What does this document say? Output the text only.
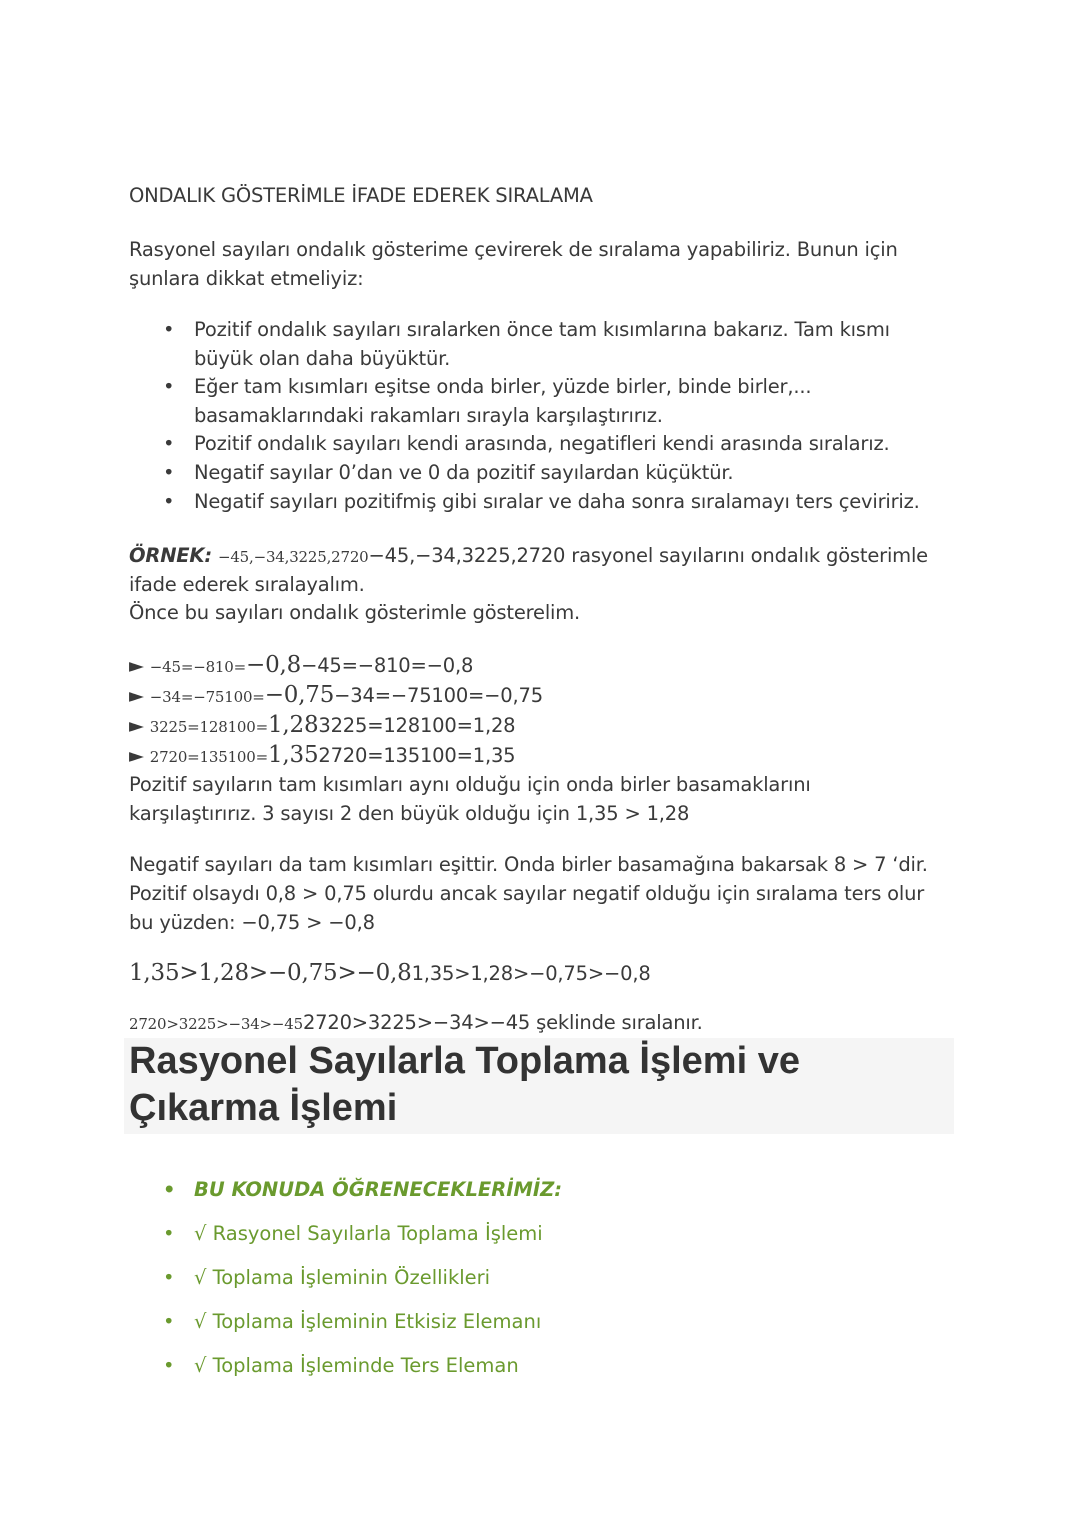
ONDALIK GÖSTERİMLE İFADE EDEREK SIRALAMA
Rasyonel sayıları ondalık gösterime çevirerek de sıralama yapabiliriz. Bunun için şunlara dikkat etmeliyiz:
• Pozitif ondalık sayıları sıralarken önce tam kısımlarına bakarız. Tam kısmı büyük olan daha büyüktür.
• Eğer tam kısımları eşitse onda birler, yüzde birler, binde birler,... basamaklarındaki rakamları sırayla karşılaştırırız.
• Pozitif ondalık sayıları kendi arasında, negatifleri kendi arasında sıralarız.
• Negatif sayılar 0’dan ve 0 da pozitif sayılardan küçüktür.
• Negatif sayıları pozitifmiş gibi sıralar ve daha sonra sıralamayı ters çeviririz.
ÖRNEK: −45,−34,3225,2720−45,−34,3225,2720 rasyonel sayılarını ondalık gösterimle
ifade ederek sıralayalım.
Önce bu sayıları ondalık gösterimle gösterelim.
► −45=−810=−0,8−45=−810=−0,8
► −34=−75100=−0,75−34=−75100=−0,75
► 3225=128100=1,283225=128100=1,28
► 2720=135100=1,352720=135100=1,35
Pozitif sayıların tam kısımları aynı olduğu için onda birler basamaklarını
karşılaştırırız. 3 sayısı 2 den büyük olduğu için 1,35 > 1,28
Negatif sayıları da tam kısımları eşittir. Onda birler basamağına bakarsak 8 > 7 ‘dir.
Pozitif olsaydı 0,8 > 0,75 olurdu ancak sayılar negatif olduğu için sıralama ters olur
bu yüzden: −0,75 > −0,8
1,35>1,28>−0,75>−0,81,35>1,28>−0,75>−0,8
2720>3225>−34>−452720>3225>−34>−45 şeklinde sıralanır.
Rasyonel Sayılarla Toplama İşlemi ve Çıkarma İşlemi
• BU KONUDA ÖĞRENECEKLERİMİZ:
• √ Rasyonel Sayılarla Toplama İşlemi
• √ Toplama İşleminin Özellikleri
• √ Toplama İşleminin Etkisiz Elemanı
• √ Toplama İşleminde Ters Eleman
